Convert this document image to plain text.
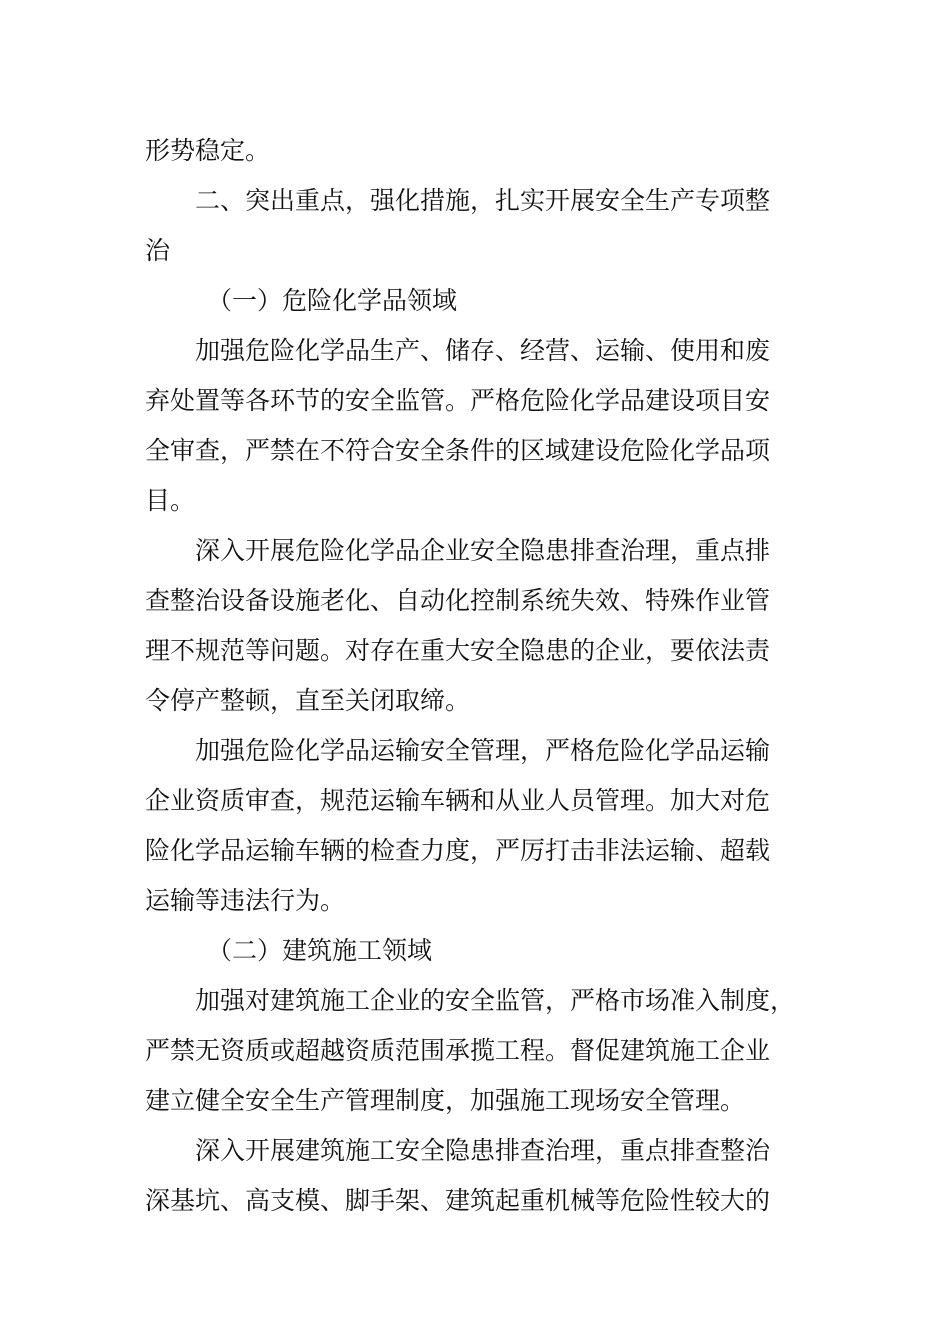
形势稳定。
二、突出重点，强化措施，扎实开展安全生产专项整
治
（一）危险化学品领域
加强危险化学品生产、储存、经营、运输、使用和废
弃处置等各环节的安全监管。严格危险化学品建设项目安
全审查，严禁在不符合安全条件的区域建设危险化学品项
目。
深入开展危险化学品企业安全隐患排查治理，重点排
查整治设备设施老化、自动化控制系统失效、特殊作业管
理不规范等问题。对存在重大安全隐患的企业，要依法责
令停产整顿，直至关闭取缔。
加强危险化学品运输安全管理，严格危险化学品运输
企业资质审查，规范运输车辆和从业人员管理。加大对危
险化学品运输车辆的检查力度，严厉打击非法运输、超载
运输等违法行为。
（二）建筑施工领域
加强对建筑施工企业的安全监管，严格市场准入制度，
严禁无资质或超越资质范围承揽工程。督促建筑施工企业
建立健全安全生产管理制度，加强施工现场安全管理。
深入开展建筑施工安全隐患排查治理，重点排查整治
深基坑、高支模、脚手架、建筑起重机械等危险性较大的
